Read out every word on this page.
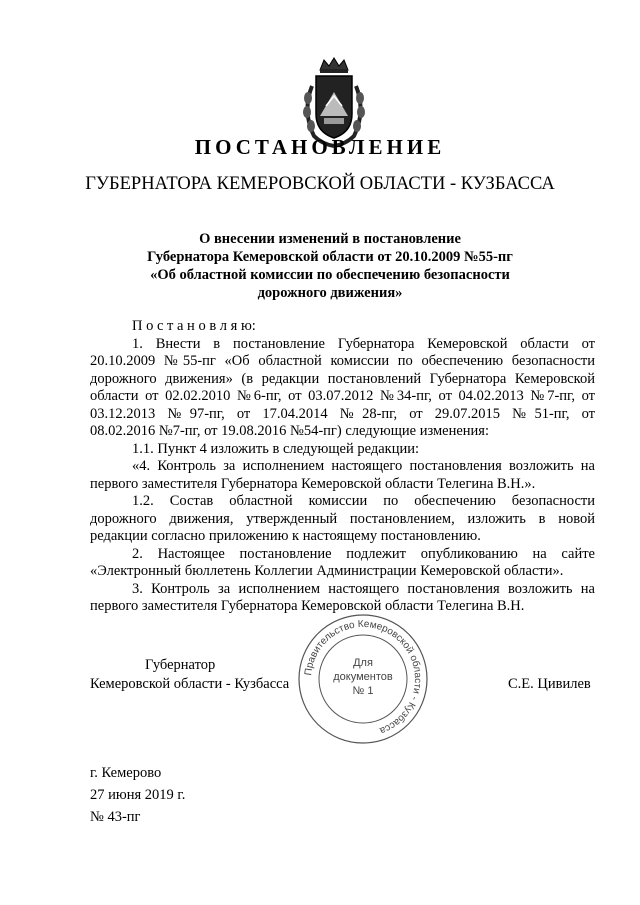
ПОСТАНОВЛЕНИЕ
ГУБЕРНАТОРА КЕМЕРОВСКОЙ ОБЛАСТИ - КУЗБАССА
О внесении изменений в постановление
Губернатора Кемеровской области от 20.10.2009 №55-пг
«Об областной комиссии по обеспечению безопасности
дорожного движения»
П о с т а н о в л я ю:
1. Внести в постановление Губернатора Кемеровской области от
20.10.2009 №55-пг «Об областной комиссии по обеспечению безопасности
дорожного движения» (в редакции постановлений Губернатора Кемеровской
области от 02.02.2010 №6-пг, от 03.07.2012 №34-пг, от 04.02.2013 №7-пг, от
03.12.2013 №97-пг, от 17.04.2014 №28-пг, от 29.07.2015 №51-пг, от
08.02.2016 №7-пг, от 19.08.2016 №54-пг) следующие изменения:
1.1. Пункт 4 изложить в следующей редакции:
«4. Контроль за исполнением настоящего постановления возложить на
первого заместителя Губернатора Кемеровской области Телегина В.Н.».
1.2. Состав областной комиссии по обеспечению безопасности
дорожного движения, утвержденный постановлением, изложить в новой
редакции согласно приложению к настоящему постановлению.
2. Настоящее постановление подлежит опубликованию на сайте
«Электронный бюллетень Коллегии Администрации Кемеровской области».
3. Контроль за исполнением настоящего постановления возложить на
первого заместителя Губернатора Кемеровской области Телегина В.Н.
Губернатор
Кемеровской области - Кузбасса	С.Е. Цивилев
Правительство Кемеровской области - Кузбасса
Для
документов
№ 1
г. Кемерово
27 июня 2019 г.
№ 43-пг
